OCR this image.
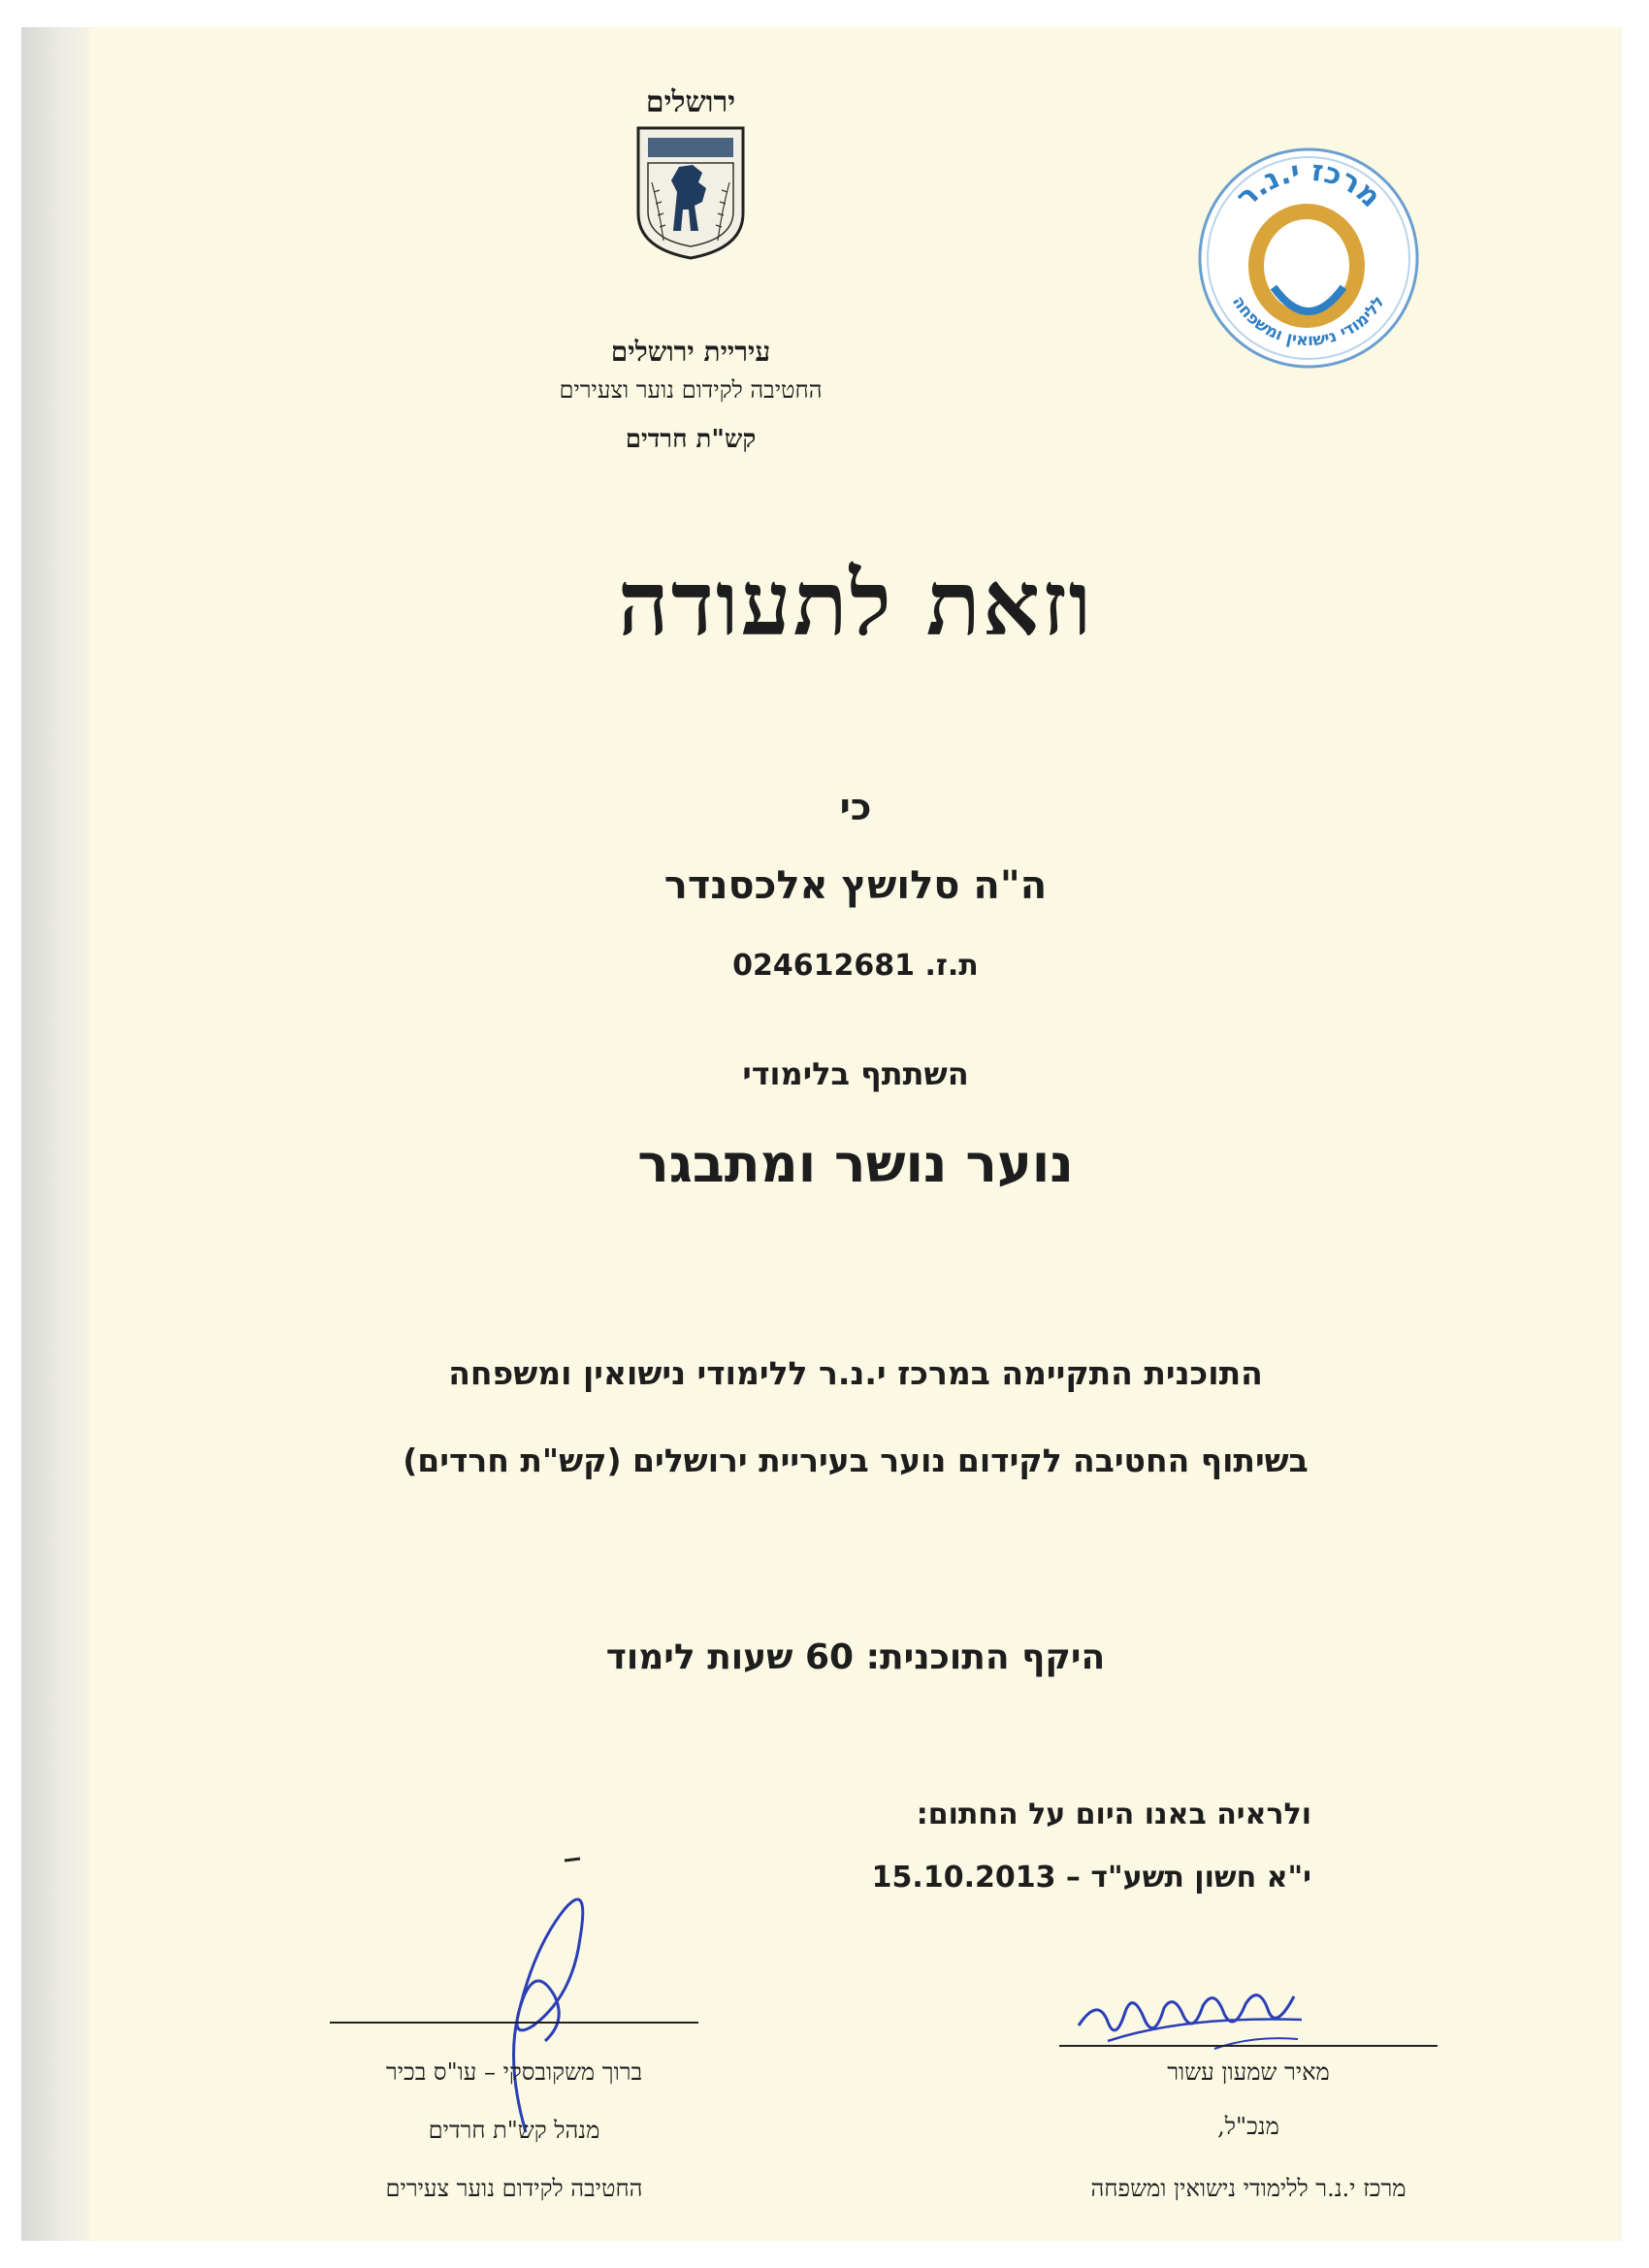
ירושלים
עיריית ירושלים
החטיבה לקידום נוער וצעירים
קש"ת חרדים
מרכז י.נ.ר
ללימודי נישואין ומשפחה
וזאת לתעודה
כי
ה"ה סלושץ אלכסנדר
ת.ז. 024612681
השתתף בלימודי
נוער נושר ומתבגר
התוכנית התקיימה במרכז י.נ.ר ללימודי נישואין ומשפחה
בשיתוף החטיבה לקידום נוער בעיריית ירושלים (קש"ת חרדים)
היקף התוכנית: 60 שעות לימוד
ולראיה באנו היום על החתום:
י"א חשון תשע"ד – 15.10.2013
מאיר שמעון עשור
מנכ"ל,
מרכז י.נ.ר ללימודי נישואין ומשפחה
ברוך משקובסקי – עו"ס בכיר
מנהל קש"ת חרדים
החטיבה לקידום נוער צעירים
